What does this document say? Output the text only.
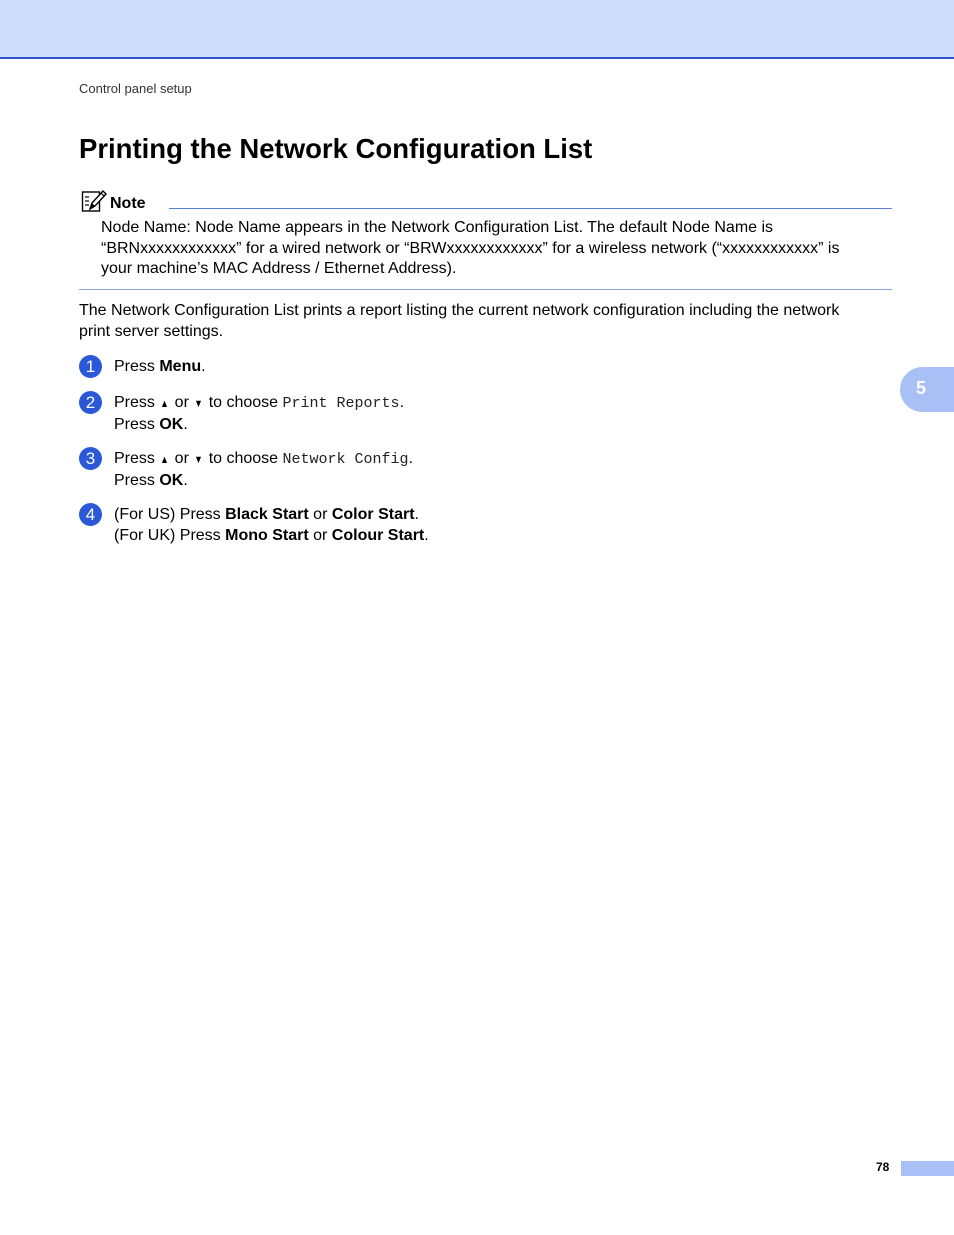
Control panel setup
Printing the Network Configuration List
Note

Node Name: Node Name appears in the Network Configuration List. The default Node Name is
“BRNxxxxxxxxxxxx” for a wired network or “BRWxxxxxxxxxxxx” for a wireless network (“xxxxxxxxxxxx” is
your machine’s MAC Address / Ethernet Address).

The Network Configuration List prints a report listing the current network configuration including the network
print server settings.

1	Press Menu.
2	Press ▲ or ▼ to choose Print Reports.
Press OK.
3	Press ▲ or ▼ to choose Network Config.
Press OK.
4	(For US) Press Black Start or Color Start.
(For UK) Press Mono Start or Colour Start.
5
78
